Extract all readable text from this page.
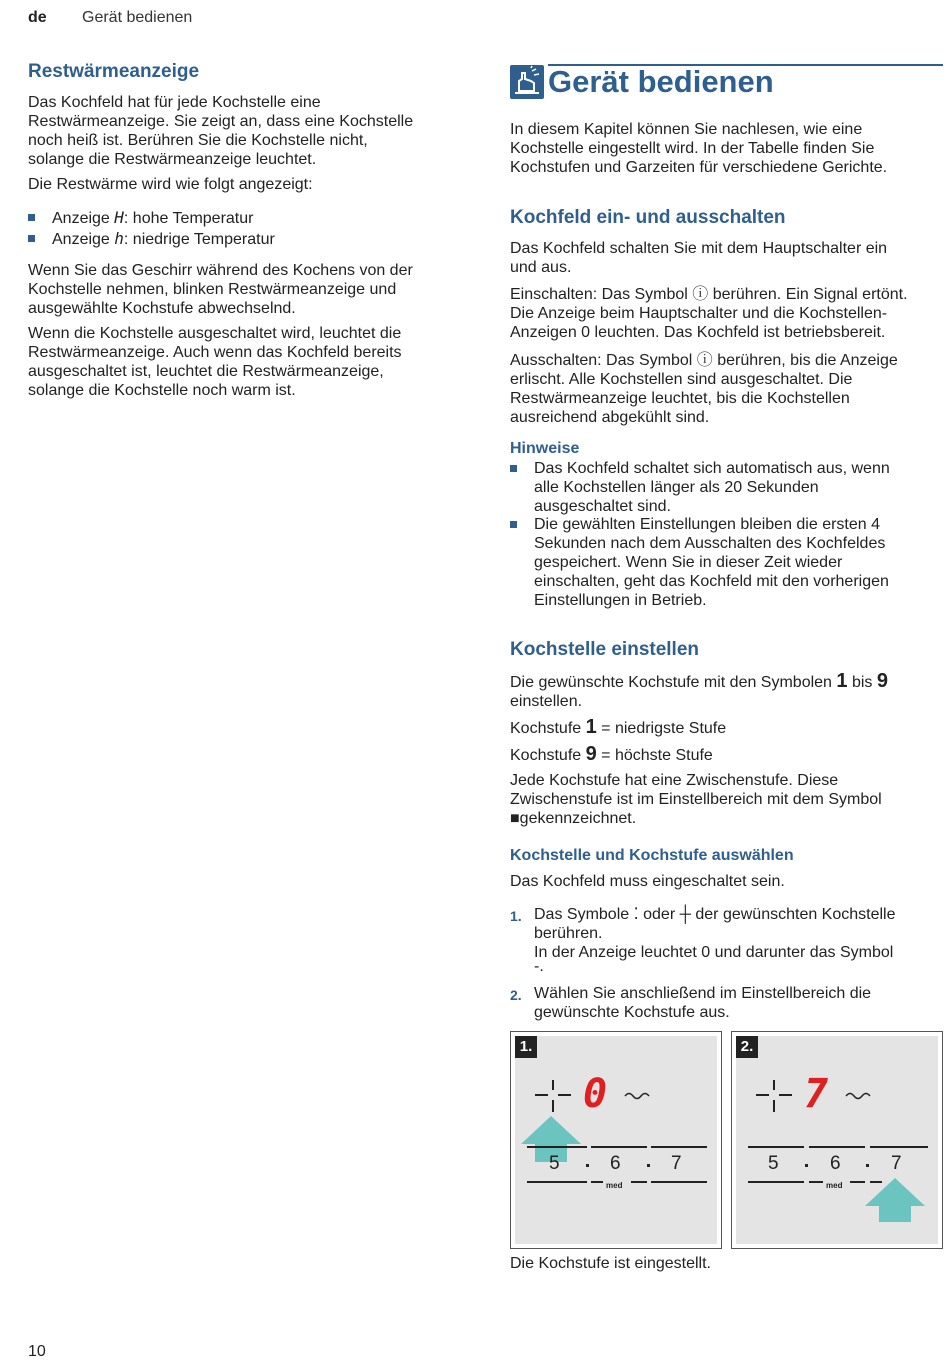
de Gerät bedienen
Restwärmeanzeige
Das Kochfeld hat für jede Kochstelle eine
Restwärmeanzeige. Sie zeigt an, dass eine Kochstelle
noch heiß ist. Berühren Sie die Kochstelle nicht,
solange die Restwärmeanzeige leuchtet.
Die Restwärme wird wie folgt angezeigt:
Anzeige H: hohe Temperatur
Anzeige h: niedrige Temperatur
Wenn Sie das Geschirr während des Kochens von der
Kochstelle nehmen, blinken Restwärmeanzeige und
ausgewählte Kochstufe abwechselnd.
Wenn die Kochstelle ausgeschaltet wird, leuchtet die
Restwärmeanzeige. Auch wenn das Kochfeld bereits
ausgeschaltet ist, leuchtet die Restwärmeanzeige,
solange die Kochstelle noch warm ist.
Gerät bedienen
In diesem Kapitel können Sie nachlesen, wie eine
Kochstelle eingestellt wird. In der Tabelle finden Sie
Kochstufen und Garzeiten für verschiedene Gerichte.
Kochfeld ein- und ausschalten
Das Kochfeld schalten Sie mit dem Hauptschalter ein
und aus.
Einschalten: Das Symbol ⓘ berühren. Ein Signal ertönt.
Die Anzeige beim Hauptschalter und die Kochstellen-
Anzeigen 0 leuchten. Das Kochfeld ist betriebsbereit.
Ausschalten: Das Symbol ⓘ berühren, bis die Anzeige
erlischt. Alle Kochstellen sind ausgeschaltet. Die
Restwärmeanzeige leuchtet, bis die Kochstellen
ausreichend abgekühlt sind.
Hinweise
Das Kochfeld schaltet sich automatisch aus, wenn
alle Kochstellen länger als 20 Sekunden
ausgeschaltet sind.
Die gewählten Einstellungen bleiben die ersten 4
Sekunden nach dem Ausschalten des Kochfeldes
gespeichert. Wenn Sie in dieser Zeit wieder
einschalten, geht das Kochfeld mit den vorherigen
Einstellungen in Betrieb.
Kochstelle einstellen
Die gewünschte Kochstufe mit den Symbolen 1 bis 9
einstellen.
Kochstufe 1 = niedrigste Stufe
Kochstufe 9 = höchste Stufe
Jede Kochstufe hat eine Zwischenstufe. Diese
Zwischenstufe ist im Einstellbereich mit dem Symbol
■gekennzeichnet.
Kochstelle und Kochstufe auswählen
Das Kochfeld muss eingeschaltet sein.
1. Das Symbole ⁚ oder ┼ der gewünschten Kochstelle
berühren.
In der Anzeige leuchtet 0 und darunter das Symbol
-.
2. Wählen Sie anschließend im Einstellbereich die
gewünschte Kochstufe aus.
1.
0
5	6	7
med
2.
7
5	6	7
med
Die Kochstufe ist eingestellt.
10
